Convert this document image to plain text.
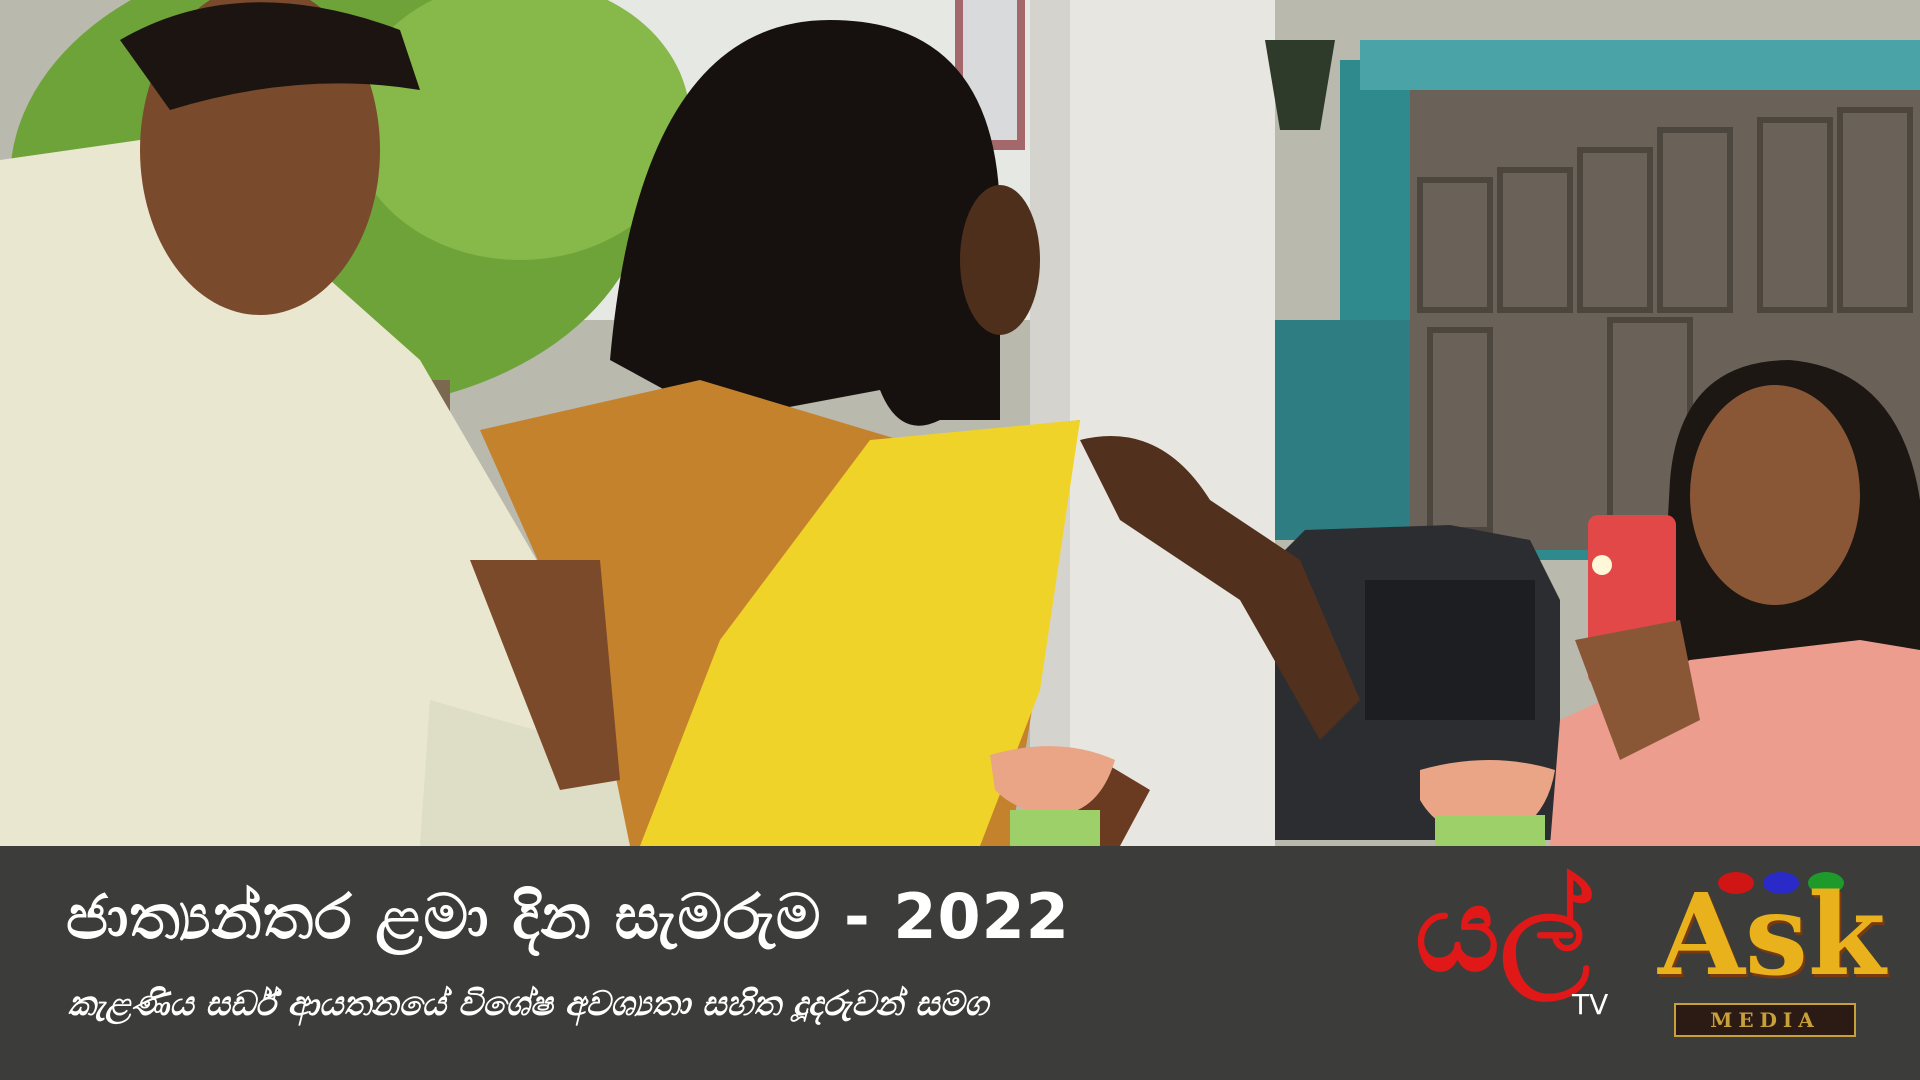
ජාත්‍යන්තර ළමා දින සැමරුම - 2022
කැළණිය සර්ඩ් ආයතනයේ විශේෂ අවශ්‍යතා සහිත දූදරුවන් සමග
යල්
TV
Ask
MEDIA
